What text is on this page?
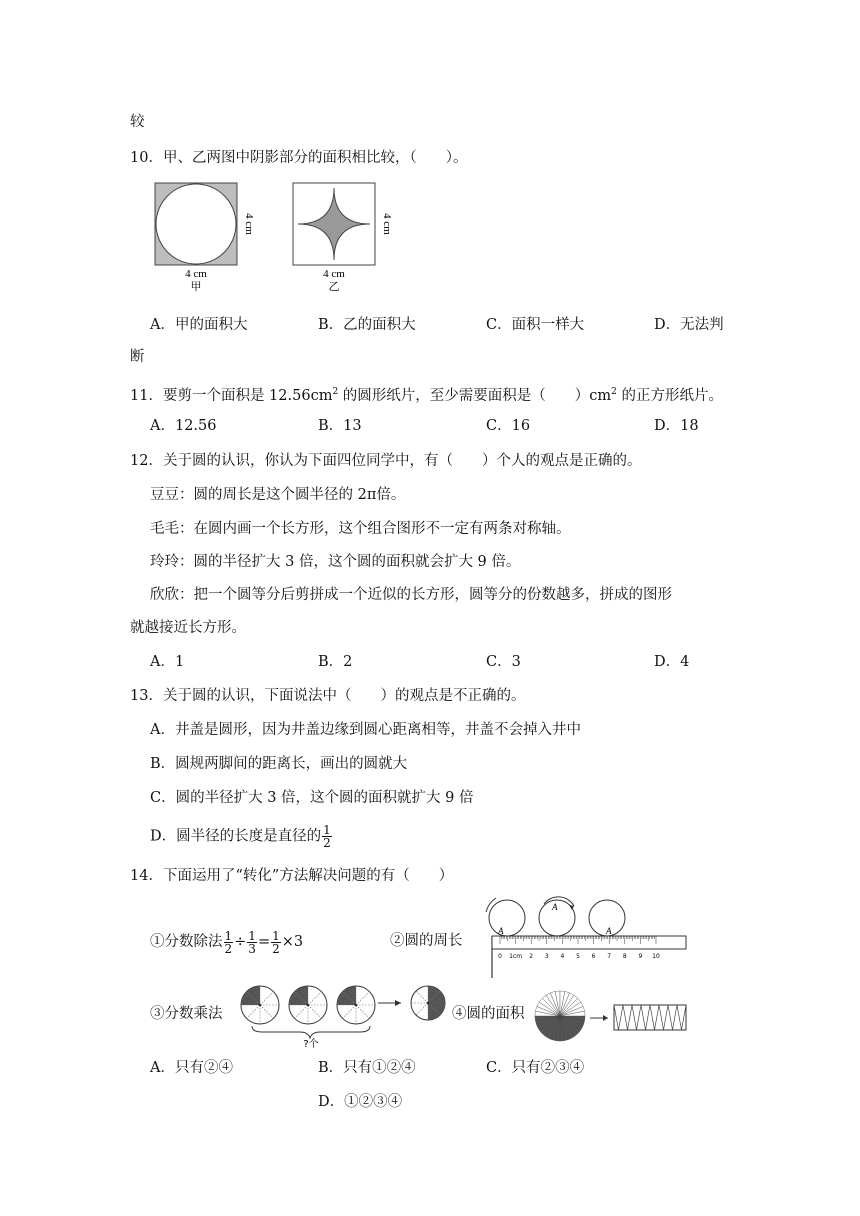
较
10．甲、乙两图中阴影部分的面积相比较，（　　）。
4 cm
4 cm
甲
4 cm
4 cm
乙
A．甲的面积大	B．乙的面积大	C．面积一样大	D．无法判
断
11．要剪一个面积是 $12.56cm^2$ 的圆形纸片，至少需要面积是（　　）$cm^2$ 的正方形纸片。
A．12.56	B．13	C．16	D．18
12．关于圆的认识，你认为下面四位同学中，有（　　）个人的观点是正确的。
豆豆：圆的周长是这个圆半径的 2π倍。
毛毛：在圆内画一个长方形，这个组合图形不一定有两条对称轴。
玲玲：圆的半径扩大 3 倍，这个圆的面积就会扩大 9 倍。
欣欣：把一个圆等分后剪拼成一个近似的长方形，圆等分的份数越多，拼成的图形
就越接近长方形。
A．1	B．2	C．3	D．4
13．关于圆的认识，下面说法中（　　）的观点是不正确的。
A．井盖是圆形，因为井盖边缘到圆心距离相等，井盖不会掉入井中
B．圆规两脚间的距离长，画出的圆就大
C．圆的半径扩大 3 倍，这个圆的面积就扩大 9 倍
D．圆半径的长度是直径的 $\frac{1}{2}$
14．下面运用了“转化”方法解决问题的有（　　）
①分数除法 $\frac{1}{2} \div \frac{1}{3} = \frac{1}{2} \times 3$	②圆的周长
A
A
A
0 1cm 2 3 4 5 6 7 8 9 10
③分数乘法
?个
④圆的面积
A．只有②④	B．只有①②④	C．只有②③④
D．①②③④
